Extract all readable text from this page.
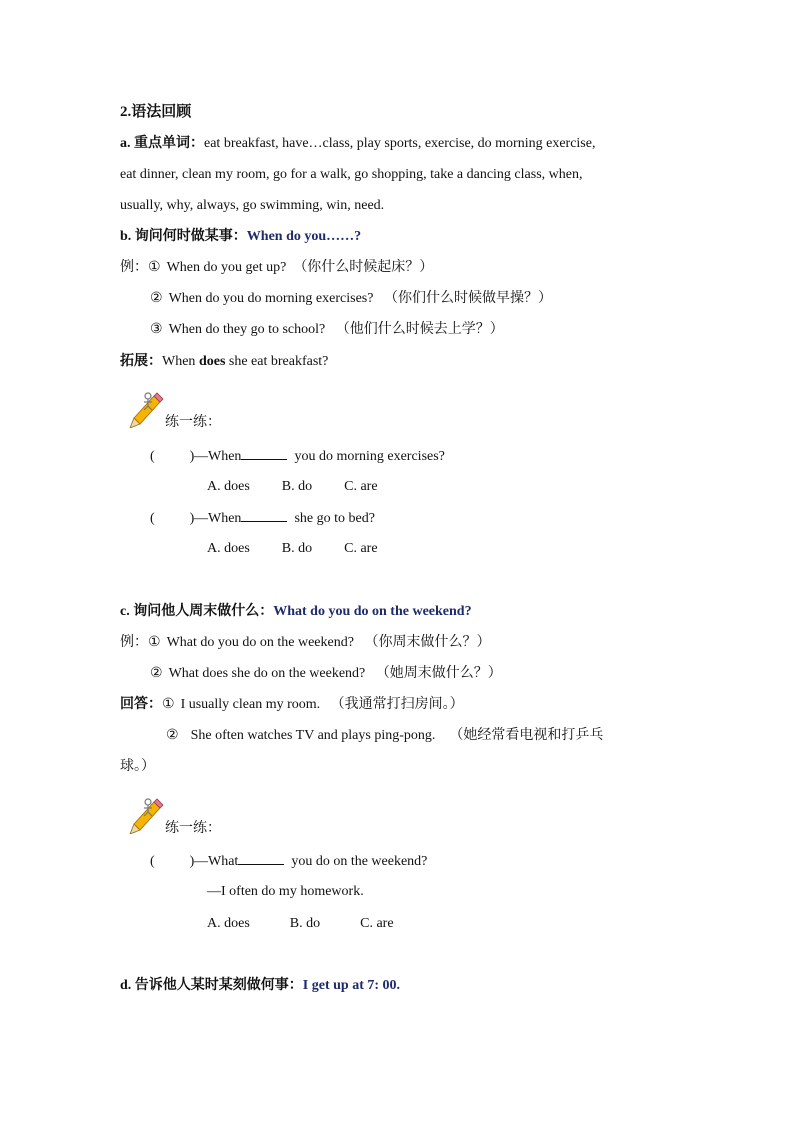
2.语法回顾
a. 重点单词：eat breakfast, have…class, play sports, exercise, do morning exercise,
eat dinner, clean my room, go for a walk, go shopping, take a dancing class, when,
usually, why, always, go swimming, win, need.
b. 询问何时做某事：When do you……?
例：① When do you get up? （你什么时候起床？）
② When do you do morning exercises? （你们什么时候做早操？）
③ When do they go to school? （他们什么时候去上学？）
拓展：When does she eat breakfast?
练一练：
(          )—When	you do morning exercises?
A. does B. do C. are
(          )—When	she go to bed?
A. does B. do C. are
c. 询问他人周末做什么：What do you do on the weekend?
例：① What do you do on the weekend? （你周末做什么？）
② What does she do on the weekend? （她周末做什么？）
回答：① I usually clean my room. （我通常打扫房间。）
② She often watches TV and plays ping-pong. （她经常看电视和打乒乓
球。）
练一练：
(          )—What	you do on the weekend?
—I often do my homework.
A. does	B. do	C. are
d. 告诉他人某时某刻做何事：I get up at 7: 00.
